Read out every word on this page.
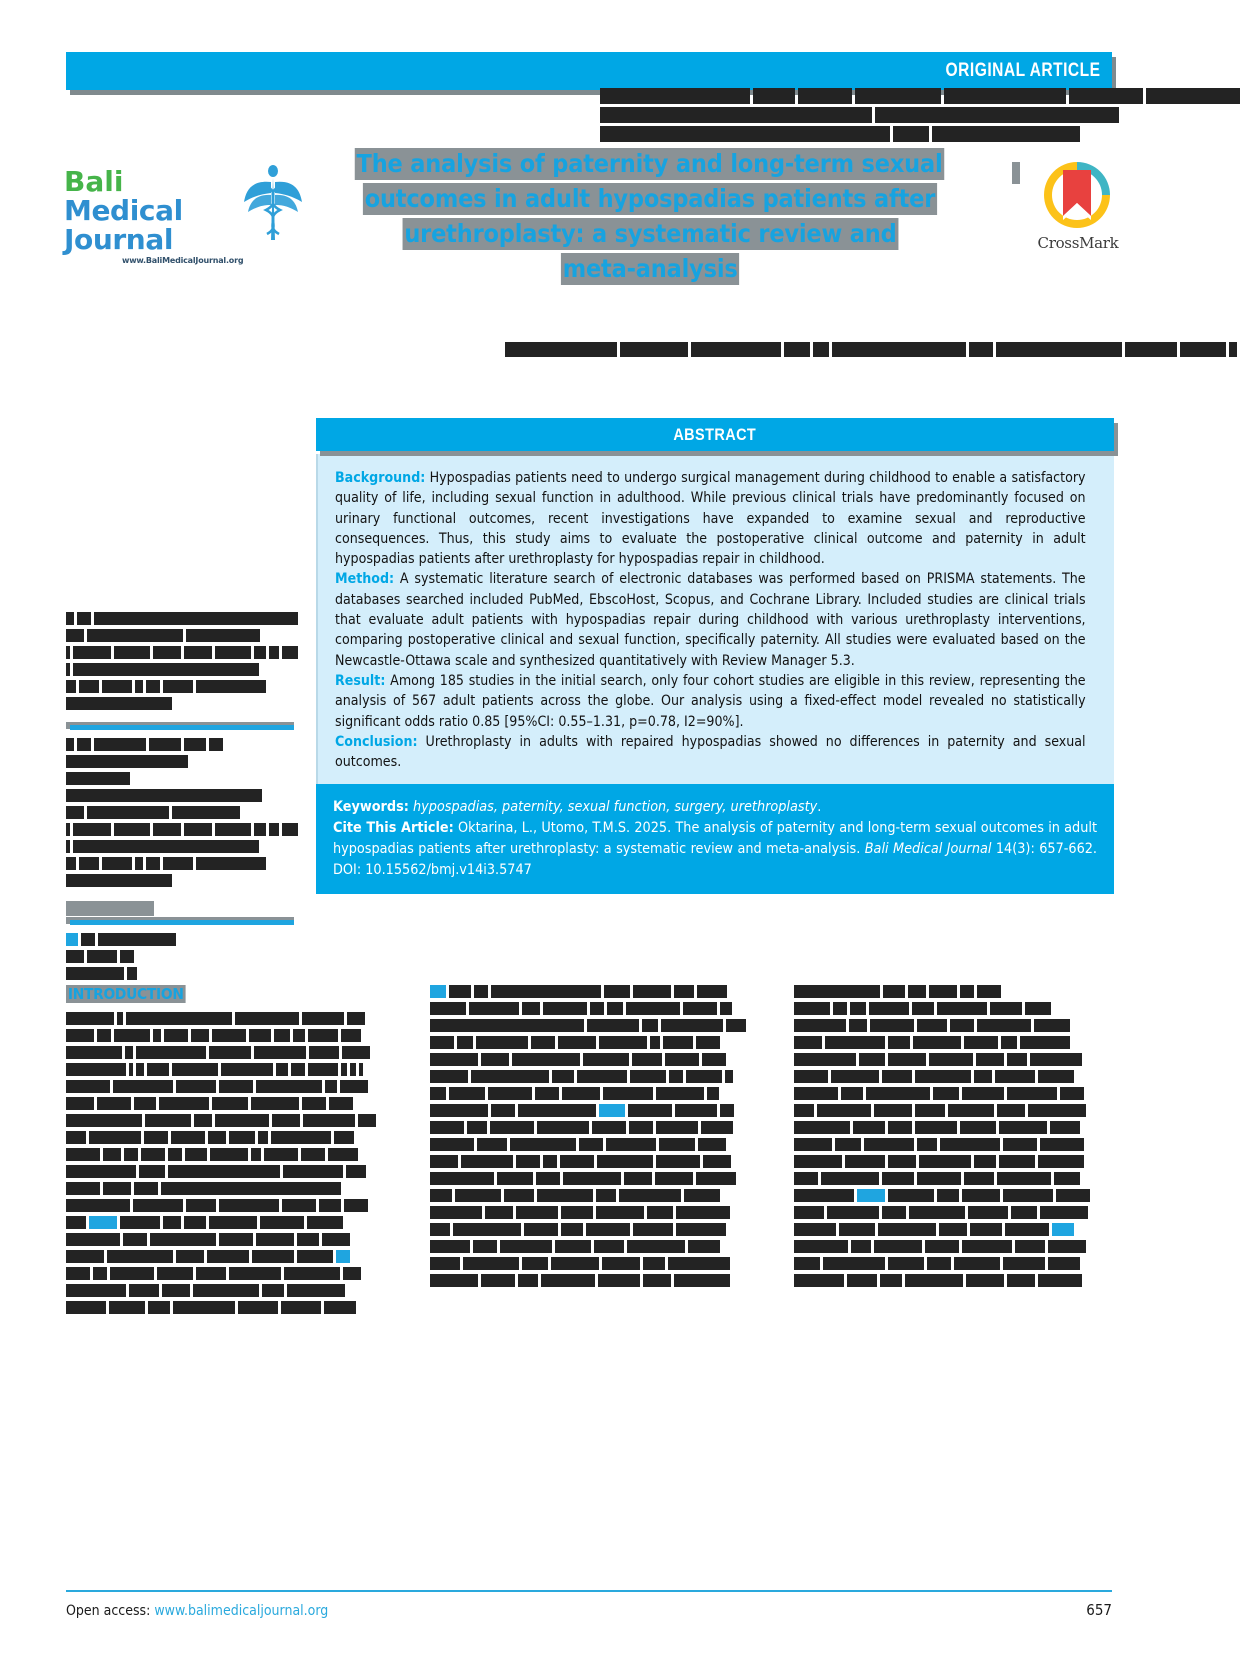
ORIGINAL ARTICLE
Bali
Medical Journal
www.BaliMedicalJournal.org
The analysis of paternity and long-term sexual
outcomes in adult hypospadias patients after
urethroplasty: a systematic review and
meta-analysis
CrossMark

ABSTRACT

Background: Hypospadias patients need to undergo surgical management during childhood to enable a satisfactory quality of life, including sexual function in adulthood. While previous clinical trials have predominantly focused on urinary functional outcomes, recent investigations have expanded to examine sexual and reproductive consequences. Thus, this study aims to evaluate the postoperative clinical outcome and paternity in adult hypospadias patients after urethroplasty for hypospadias repair in childhood.

Method: A systematic literature search of electronic databases was performed based on PRISMA statements. The databases searched included PubMed, EbscoHost, Scopus, and Cochrane Library. Included studies are clinical trials that evaluate adult patients with hypospadias repair during childhood with various urethroplasty interventions, comparing postoperative clinical and sexual function, specifically paternity. All studies were evaluated based on the Newcastle-Ottawa scale and synthesized quantitatively with Review Manager 5.3.

Result: Among 185 studies in the initial search, only four cohort studies are eligible in this review, representing the analysis of 567 adult patients across the globe. Our analysis using a fixed-effect model revealed no statistically significant odds ratio 0.85 [95%CI: 0.55–1.31, p=0.78, I2=90%].

Conclusion: Urethroplasty in adults with repaired hypospadias showed no differences in paternity and sexual outcomes.

Keywords: hypospadias, paternity, sexual function, surgery, urethroplasty.

Cite This Article: Oktarina, L., Utomo, T.M.S. 2025. The analysis of paternity and long-term sexual outcomes in adult hypospadias patients after urethroplasty: a systematic review and meta-analysis. Bali Medical Journal 14(3): 657-662. DOI: 10.15562/bmj.v14i3.5747

INTRODUCTION
Open access: www.balimedicaljournal.org	657
